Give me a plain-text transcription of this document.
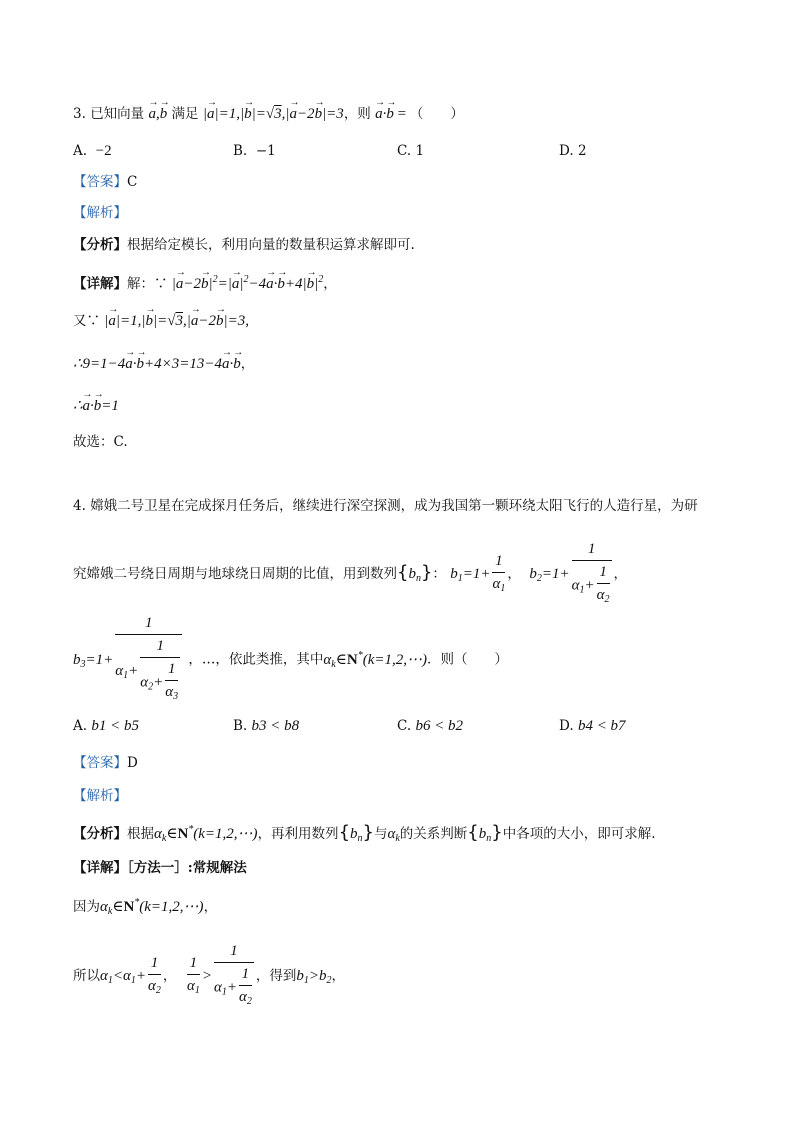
3. 已知向量 → a,→ b 满足 |→ a|=1,|→ b|=√3,|→ a−2→ b|=3，则 → a·→ b = （　　）
A. −2	B. −1	C. 1	D. 2
【答案】C
【解析】
【分析】根据给定模长，利用向量的数量积运算求解即可.
【详解】解：∵ |→ $a-2\to b|^2=|\to a|^2-4\to a\cdot\to b+4|\to b|^2$，
又∵ |→ a|=1,|→ b|=√3,|→ a−2→ b|=3,
∴9=1−4→ a·→ b+4×3=13−4→ a·→ b，
∴→ a·→ b=1
故选：C.
4. 嫦娥二号卫星在完成探月任务后，继续进行深空探测，成为我国第一颗环绕太阳飞行的人造行星，为研
究嫦娥二号绕日周期与地球绕日周期的比值，用到数列$\{b_n\}$： $b_1=1+ \frac{1}{\alpha_1}$ ，  $b_2=1+ \frac{1}{\alpha_1+ \frac{1}{\alpha_2}}$ ，
$b_3=1+ \frac{1}{\alpha_1+ \frac{1}{\alpha_2+ \frac{1}{\alpha_3}}}$ ，…，依此类推，其中$\alpha_k\in N^*(k=1,2,\cdots)$．则（　　）
A. b1 < b5	B. b3 < b8	C. b6 < b2	D. b4 < b7
【答案】D
【解析】
【分析】根据$\alpha_k\in N^*(k=1,2,\cdots)$，再利用数列$\{b_n\}$与$\alpha_k$的关系判断$\{b_n\}$中各项的大小，即可求解.
【详解】［方法一］:常规解法
因为$\alpha_k\in N^*(k=1,2,\cdots)$，
所以$\alpha_1<\alpha_1+ \frac{1}{\alpha_2}$ ， $\frac{1}{\alpha_1} > \frac{1}{\alpha_1+ \frac{1}{\alpha_2}}$ ，得到$b_1>b_2$，
